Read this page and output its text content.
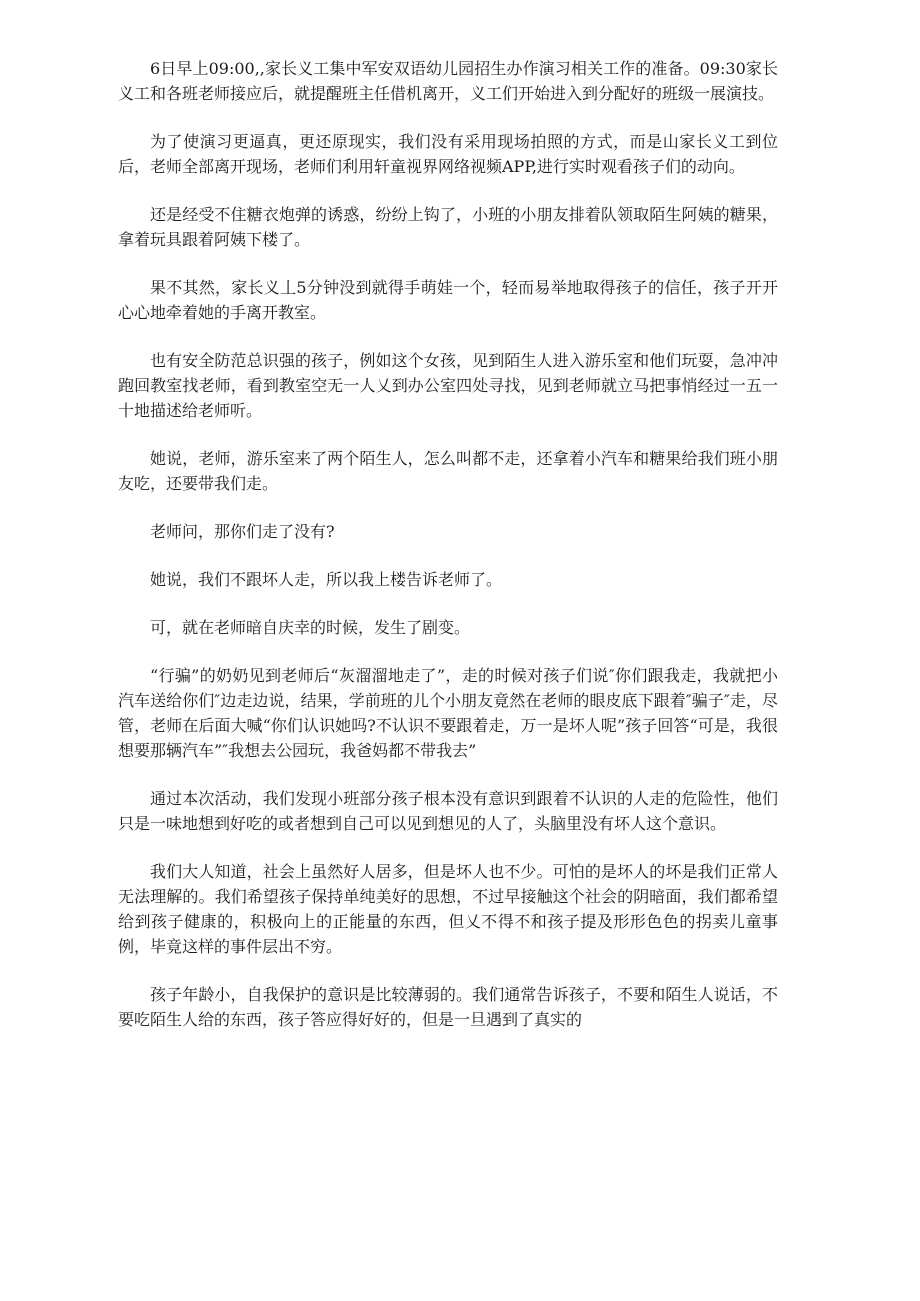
6日早上09:00,,家长义工集中军安双语幼儿园招生办作演习相关工作的准备。09:30家长义工和各班老师接应后，就提醒班主任借机离开，义工们开始进入到分配好的班级一展演技。

为了使演习更逼真，更还原现实，我们没有采用现场拍照的方式，而是山家长义工到位后，老师全部离开现场，老师们利用轩童视界网络视频APP,进行实时观看孩子们的动向。

还是经受不住糖衣炮弹的诱惑，纷纷上钩了，小班的小朋友排着队领取陌生阿姨的糖果，拿着玩具跟着阿姨下楼了。

果不其然，家长义丄5分钟没到就得手萌娃一个，轻而易举地取得孩子的信任，孩子开开心心地牵着她的手离开教室。

也有安全防范总识强的孩子，例如这个女孩，见到陌生人进入游乐室和他们玩耍，急冲冲跑回教室找老师，看到教室空无一人乂到办公室四处寻找，见到老师就立马把事悄经过一五一十地描述给老师听。

她说，老师，游乐室来了两个陌生人，怎么叫都不走，还拿着小汽车和糖果给我们班小朋友吃，还要带我们走。

老师问，那你们走了没有?

她说，我们不跟坏人走，所以我上楼告诉老师了。

可，就在老师暗自庆幸的时候，发生了剧变。

“行骗”的奶奶见到老师后“灰溜溜地走了”，走的时候对孩子们说″你们跟我走，我就把小汽车送给你们″边走边说，结果，学前班的儿个小朋友竟然在老师的眼皮底下跟着″骗子″走，尽管，老师在后面大喊“你们认识她吗?不认识不要跟着走，万一是坏人呢”孩子回答“可是，我很想要那辆汽车”″我想去公园玩，我爸妈都不带我去”

通过本次活动，我们发现小班部分孩子根本没有意识到跟着不认识的人走的危险性，他们只是一味地想到好吃的或者想到自己可以见到想见的人了，头脑里没有坏人这个意识。

我们大人知道，社会上虽然好人居多，但是坏人也不少。可怕的是坏人的坏是我们正常人无法理解的。我们希望孩子保持单纯美好的思想，不过早接触这个社会的阴暗面，我们都希望给到孩子健康的，积极向上的正能量的东西，但乂不得不和孩子提及形形色色的拐卖儿童事例，毕竟这样的事件层出不穷。

孩子年龄小，自我保护的意识是比较薄弱的。我们通常告诉孩子，不要和陌生人说话，不要吃陌生人给的东西，孩子答应得好好的，但是一旦遇到了真实的
